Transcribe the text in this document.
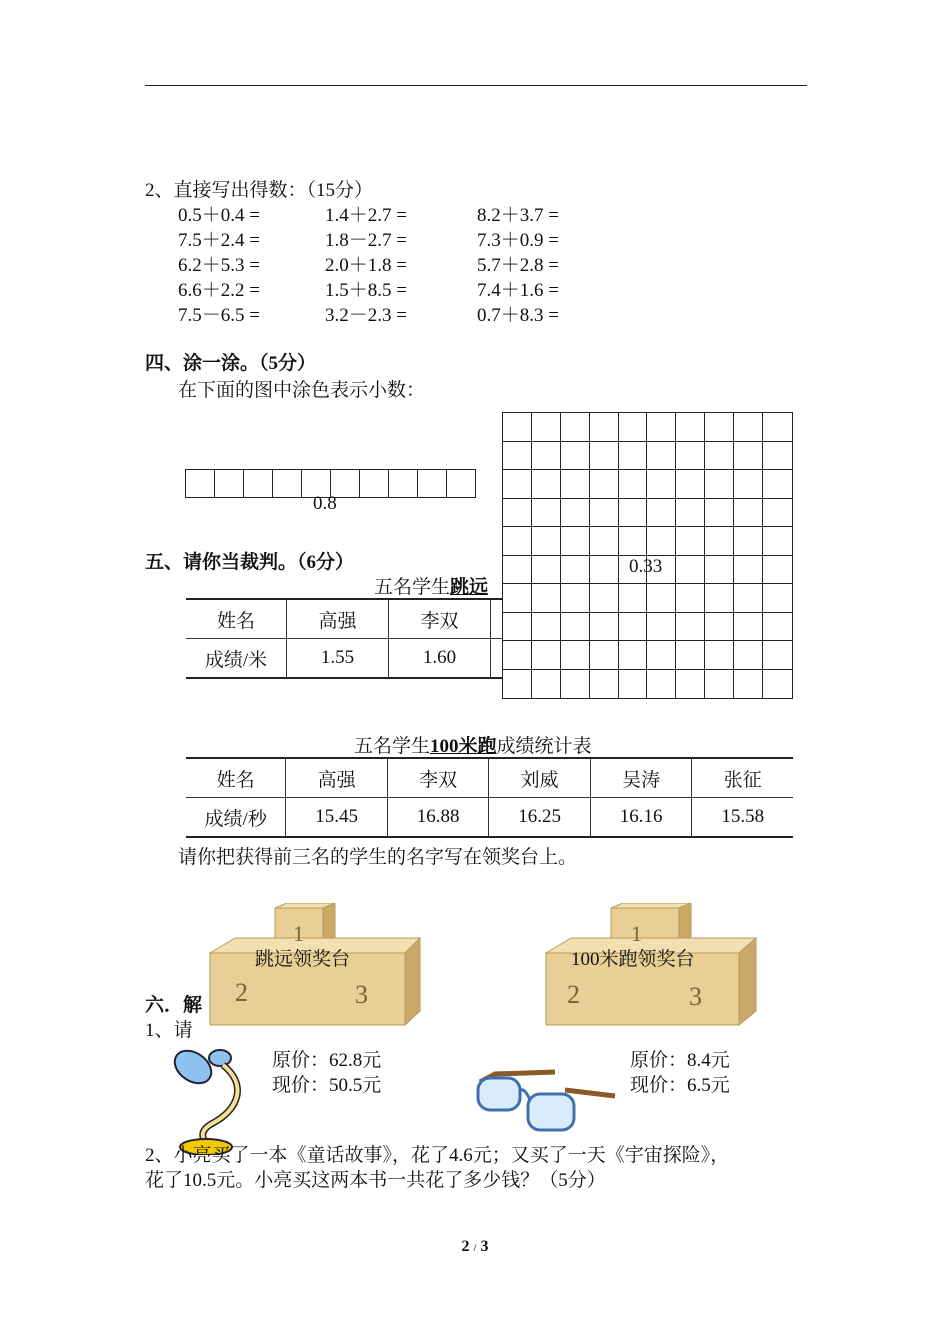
2、直接写出得数：（15分）
0.5＋0.4 =	1.4＋2.7 =	8.2＋3.7 =
7.5＋2.4 =	1.8－2.7 =	7.3＋0.9 =
6.2＋5.3 =	2.0＋1.8 =	5.7＋2.8 =
6.6＋2.2 =	1.5＋8.5 =	7.4＋1.6 =
7.5－6.5 =	3.2－2.3 =	0.7＋8.3 =
四、涂一涂。（5分）
在下面的图中涂色表示小数：
0.8
五、请你当裁判。（6分）
五名学生跳远
姓名	高强	李双			
成绩/米	1.55	1.60			
0.33
五名学生100米跑成绩统计表
姓名	高强	李双	刘威	吴涛	张征
成绩/秒	15.45	16.88	16.25	16.16	15.58
请你把获得前三名的学生的名字写在领奖台上。
1
2	3
跳远领奖台
1
2	3
100米跑领奖台
六．解
1、请
原价：62.8元
现价：50.5元
原价：8.4元
现价：6.5元
2、小亮买了一本《童话故事》，花了4.6元；又买了一天《宇宙探险》，
花了10.5元。小亮买这两本书一共花了多少钱？（5分）
2 / 3
